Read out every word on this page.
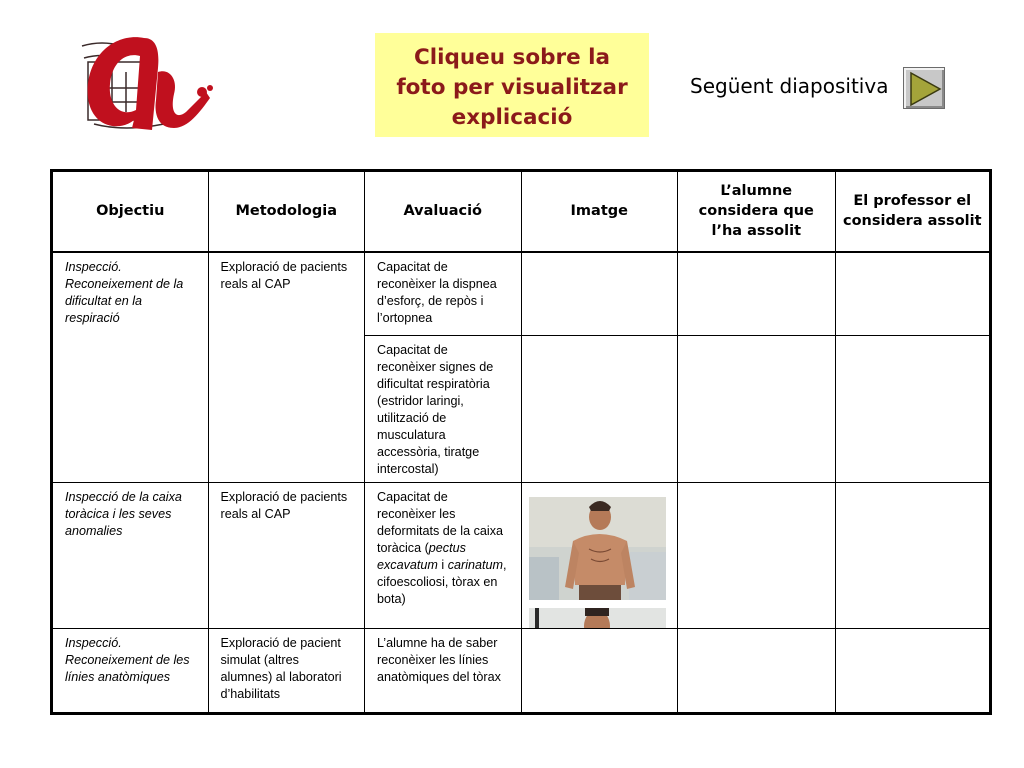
Cliqueu sobre la
foto per visualitzar
explicació
Següent diapositiva
Objectiu	Metodologia	Avaluació	Imatge	L’alumne considera que l’ha assolit	El professor el considera assolit
Inspecció. Reconeixement de la dificultat en la respiració	Exploració de pacients reals al CAP	Capacitat de reconèixer la dispnea d’esforç, de repòs i l’ortopnea			
		Capacitat de reconèixer signes de dificultat respiratòria (estridor laringi, utilització de musculatura accessòria, tiratge intercostal)			
Inspecció de la caixa toràcica i les seves anomalies	Exploració de pacients reals al CAP	Capacitat de reconèixer les deformitats de la caixa toràcica (pectus excavatum i carinatum, cifoescoliosi, tòrax en bota)	

Inspecció. Reconeixement de les línies anatòmiques	Exploració de pacient simulat (altres alumnes) al laboratori d’habilitats	L’alumne ha de saber reconèixer les línies anatòmiques del tòrax			
